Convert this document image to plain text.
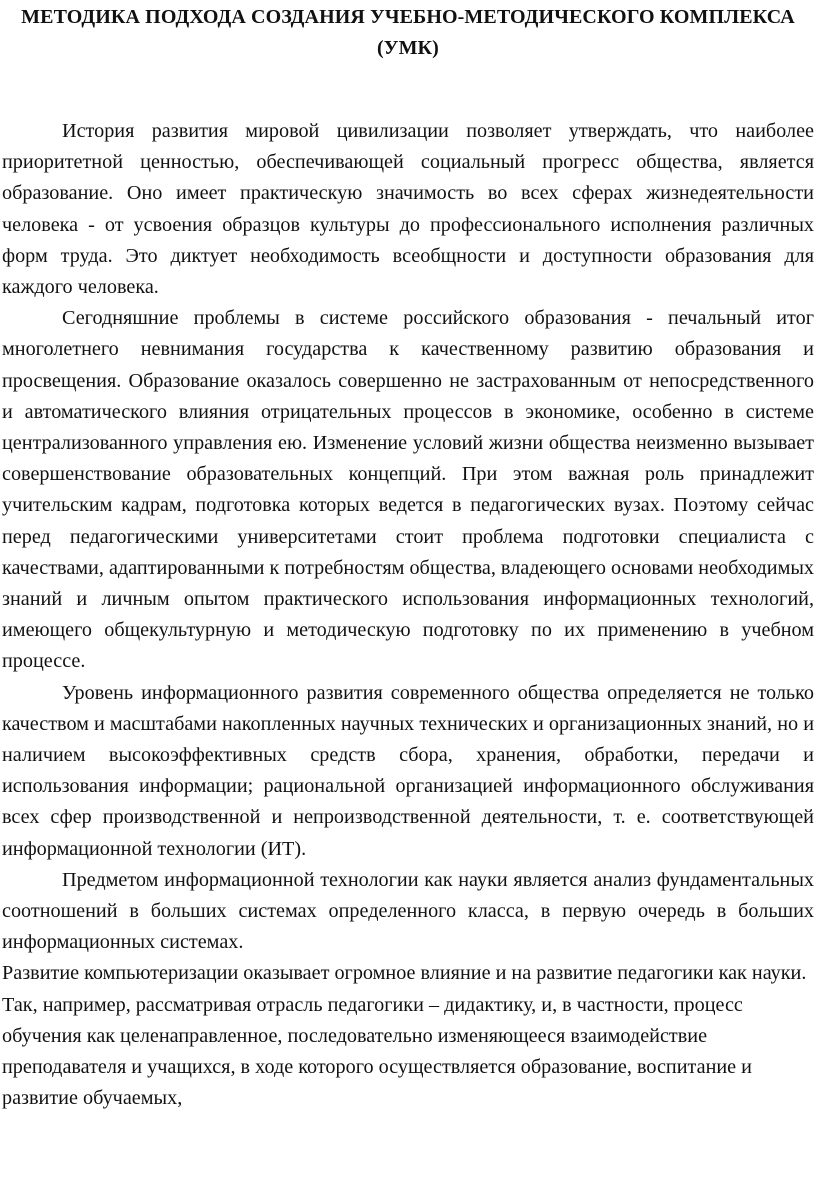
МЕТОДИКА ПОДХОДА СОЗДАНИЯ УЧЕБНО-МЕТОДИЧЕСКОГО КОМПЛЕКСА (УМК)

История развития мировой цивилизации позволяет утверждать, что наиболее приоритетной ценностью, обеспечивающей социальный прогресс общества, является образование. Оно имеет практическую значимость во всех сферах жизнедеятельности человека - от усвоения образцов культуры до профессионального исполнения различных форм труда. Это диктует необходимость всеобщности и доступности образования для каждого человека.

Сегодняшние проблемы в системе российского образования - печальный итог многолетнего невнимания государства к качественному развитию образования и просвещения. Образование оказалось совершенно не застрахованным от непосредственного и автоматического влияния отрицательных процессов в экономике, особенно в системе централизованного управления ею. Изменение условий жизни общества неизменно вызывает совершенствование образовательных концепций. При этом важная роль принадлежит учительским кадрам, подготовка которых ведется в педагогических вузах. Поэтому сейчас перед педагогическими университетами стоит проблема подготовки специалиста с качествами, адаптированными к потребностям общества, владеющего основами необходимых знаний и личным опытом практического использования информационных технологий, имеющего общекультурную и методическую подготовку по их применению в учебном процессе.

Уровень информационного развития современного общества определяется не только качеством и масштабами накопленных научных технических и организационных знаний, но и наличием высокоэффективных средств сбора, хранения, обработки, передачи и использования информации; рациональной организацией информационного обслуживания всех сфер производственной и непроизводственной деятельности, т. е. соответствующей информационной технологии (ИТ).

Предметом информационной технологии как науки является анализ фундаментальных соотношений в больших системах определенного класса, в первую очередь в больших информационных системах.

Развитие компьютеризации оказывает огромное влияние и на развитие педагогики как науки. Так, например, рассматривая отрасль педагогики – дидактику, и, в частности, процесс обучения как целенаправленное, последовательно изменяющееся взаимодействие преподавателя и учащихся, в ходе которого осуществляется образование, воспитание и развитие обучаемых,
